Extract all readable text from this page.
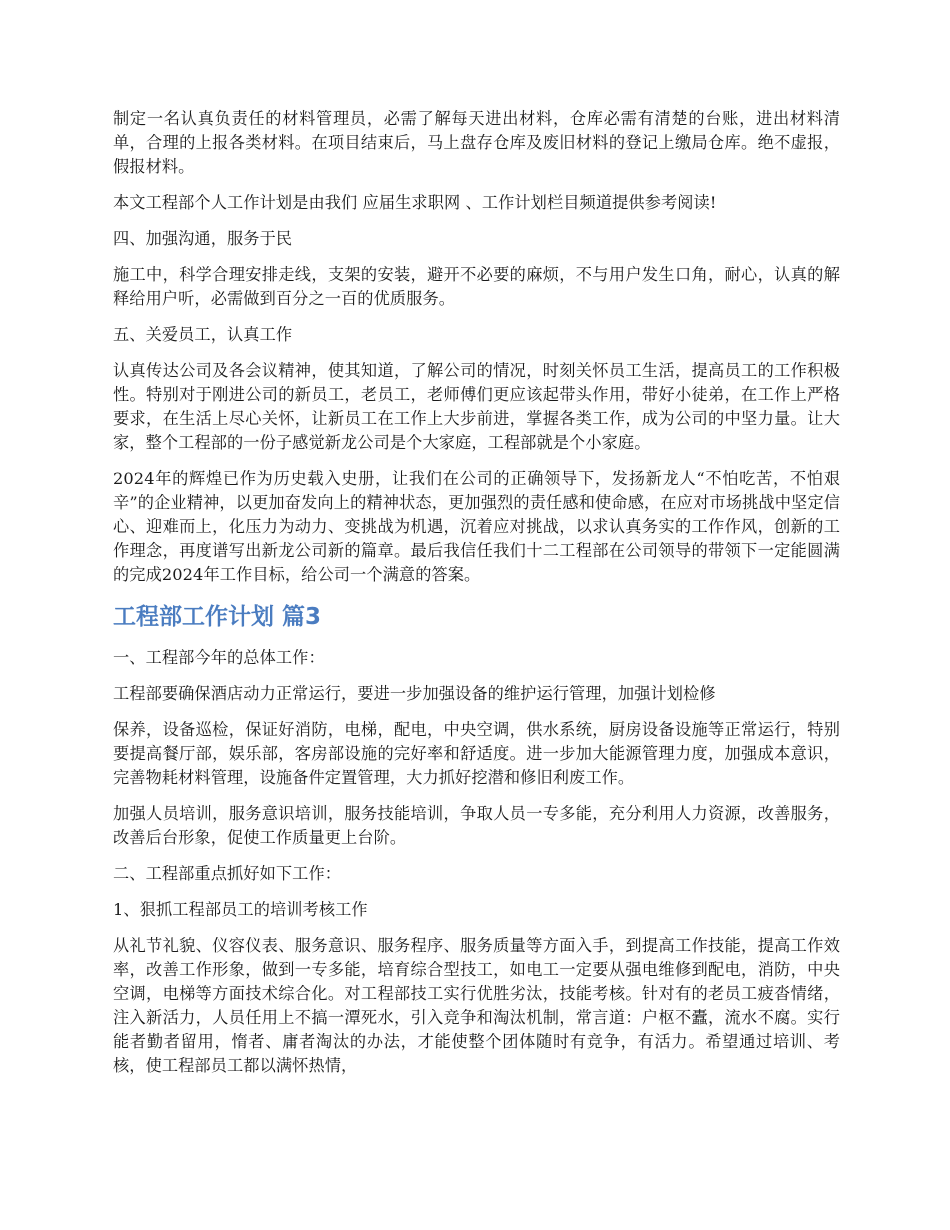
制定一名认真负责任的材料管理员，必需了解每天进出材料，仓库必需有清楚的台账，进出材料清单，合理的上报各类材料。在项目结束后，马上盘存仓库及废旧材料的登记上缴局仓库。绝不虚报，假报材料。

本文工程部个人工作计划是由我们 应届生求职网 、工作计划栏目频道提供参考阅读!

四、加强沟通，服务于民

施工中，科学合理安排走线，支架的安装，避开不必要的麻烦，不与用户发生口角，耐心，认真的解释给用户听，必需做到百分之一百的优质服务。

五、关爱员工，认真工作

认真传达公司及各会议精神，使其知道，了解公司的情况，时刻关怀员工生活，提高员工的工作积极性。特别对于刚进公司的新员工，老员工，老师傅们更应该起带头作用，带好小徒弟，在工作上严格要求，在生活上尽心关怀，让新员工在工作上大步前进，掌握各类工作，成为公司的中坚力量。让大家，整个工程部的一份子感觉新龙公司是个大家庭，工程部就是个小家庭。

2024年的辉煌已作为历史载入史册，让我们在公司的正确领导下，发扬新龙人“不怕吃苦，不怕艰辛”的企业精神，以更加奋发向上的精神状态，更加强烈的责任感和使命感，在应对市场挑战中坚定信心、迎难而上，化压力为动力、变挑战为机遇，沉着应对挑战，以求认真务实的工作作风，创新的工作理念，再度谱写出新龙公司新的篇章。最后我信任我们十二工程部在公司领导的带领下一定能圆满的完成2024年工作目标，给公司一个满意的答案。

工程部工作计划 篇3

一、工程部今年的总体工作：

工程部要确保酒店动力正常运行，要进一步加强设备的维护运行管理，加强计划检修

保养，设备巡检，保证好消防，电梯，配电，中央空调，供水系统，厨房设备设施等正常运行，特别要提高餐厅部，娱乐部，客房部设施的完好率和舒适度。进一步加大能源管理力度，加强成本意识，完善物耗材料管理，设施备件定置管理，大力抓好挖潜和修旧利废工作。

加强人员培训，服务意识培训，服务技能培训，争取人员一专多能，充分利用人力资源，改善服务，改善后台形象，促使工作质量更上台阶。

二、工程部重点抓好如下工作：

1、狠抓工程部员工的培训考核工作

从礼节礼貌、仪容仪表、服务意识、服务程序、服务质量等方面入手，到提高工作技能，提高工作效率，改善工作形象，做到一专多能，培育综合型技工，如电工一定要从强电维修到配电，消防，中央空调，电梯等方面技术综合化。对工程部技工实行优胜劣汰，技能考核。针对有的老员工疲沓情绪，注入新活力，人员任用上不搞一潭死水，引入竞争和淘汰机制，常言道：户枢不蠹，流水不腐。实行能者勤者留用，惰者、庸者淘汰的办法，才能使整个团体随时有竞争，有活力。希望通过培训、考核，使工程部员工都以满怀热情，
